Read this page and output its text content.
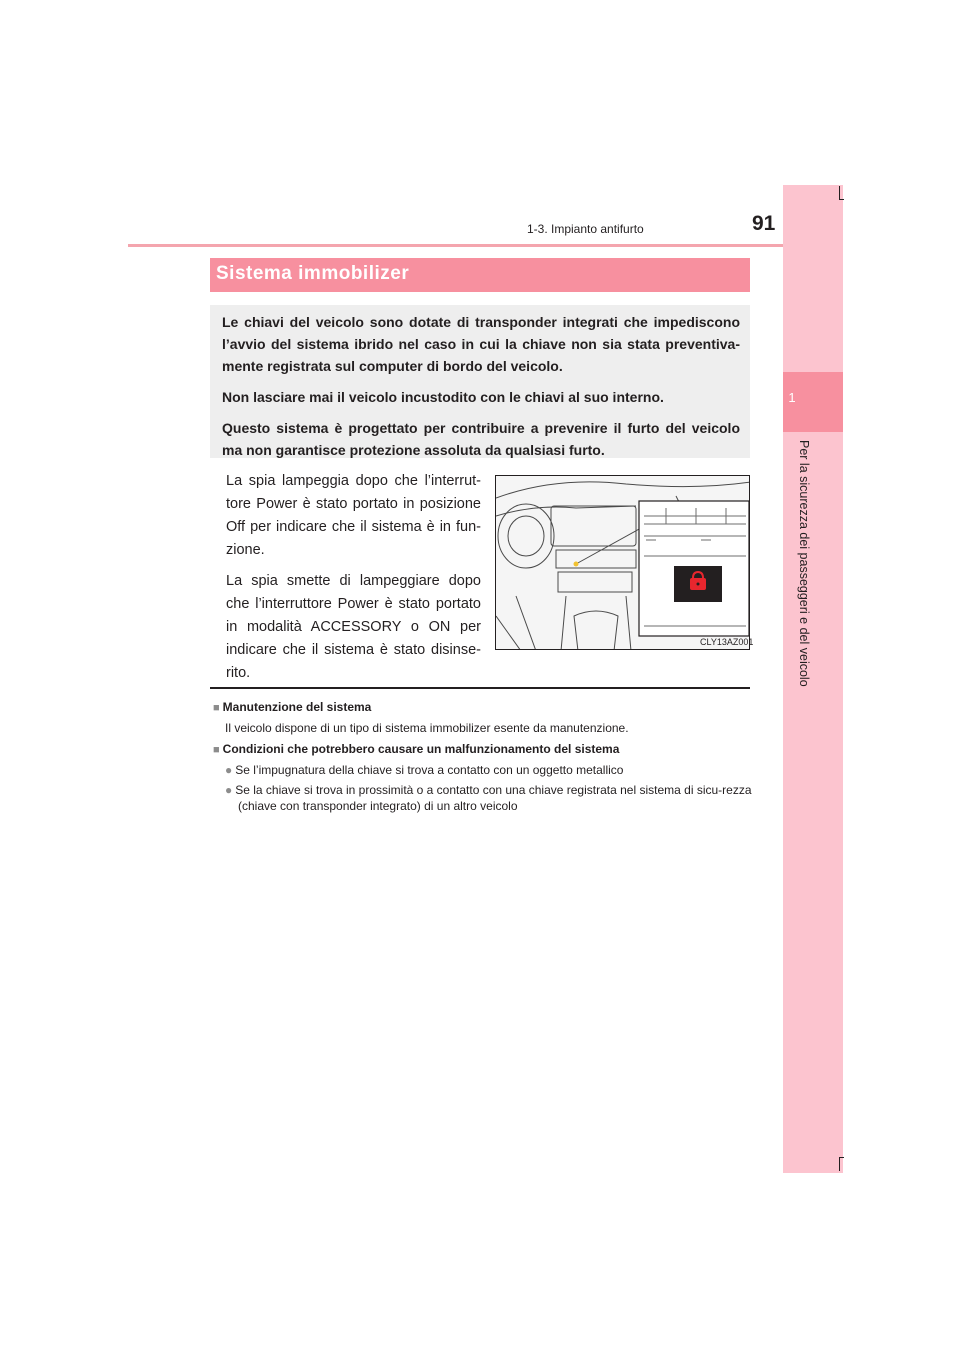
91
1-3. Impianto antifurto
1
Per la sicurezza dei passeggeri e del veicolo
Sistema immobilizer

Le chiavi del veicolo sono dotate di transponder integrati che impediscono l’avvio del sistema ibrido nel caso in cui la chiave non sia stata preventiva-mente registrata sul computer di bordo del veicolo.

Non lasciare mai il veicolo incustodito con le chiavi al suo interno.

Questo sistema è progettato per contribuire a prevenire il furto del veicolo ma non garantisce protezione assoluta da qualsiasi furto.

La spia lampeggia dopo che l’interrut-tore Power è stato portato in posizione Off per indicare che il sistema è in fun-zione.

La spia smette di lampeggiare dopo che l’interruttore Power è stato portato in modalità ACCESSORY o ON per indicare che il sistema è stato disinse-rito.

CLY13AZ001
■ Manutenzione del sistema
Il veicolo dispone di un tipo di sistema immobilizer esente da manutenzione.
■ Condizioni che potrebbero causare un malfunzionamento del sistema
● Se l’impugnatura della chiave si trova a contatto con un oggetto metallico
● Se la chiave si trova in prossimità o a contatto con una chiave registrata nel sistema di sicu-rezza (chiave con transponder integrato) di un altro veicolo
